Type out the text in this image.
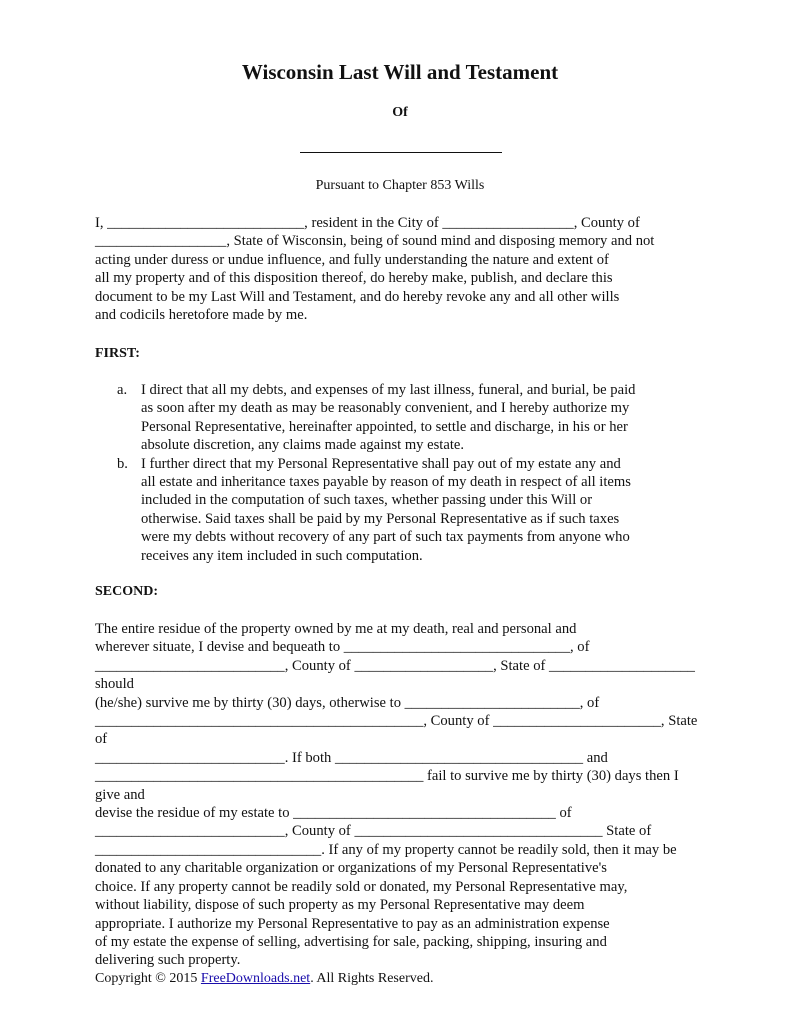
Wisconsin Last Will and Testament
Of
Pursuant to Chapter 853 Wills

I, ___________________________, resident in the City of __________________, County of

__________________, State of Wisconsin, being of sound mind and disposing memory and not

acting under duress or undue influence, and fully understanding the nature and extent of

all my property and of this disposition thereof, do hereby make, publish, and declare this

document to be my Last Will and Testament, and do hereby revoke any and all other wills

and codicils heretofore made by me.

FIRST:
a. I direct that all my debts, and expenses of my last illness, funeral, and burial, be paid

as soon after my death as may be reasonably convenient, and I hereby authorize my

Personal Representative, hereinafter appointed, to settle and discharge, in his or her

absolute discretion, any claims made against my estate.

b. I further direct that my Personal Representative shall pay out of my estate any and

all estate and inheritance taxes payable by reason of my death in respect of all items

included in the computation of such taxes, whether passing under this Will or

otherwise. Said taxes shall be paid by my Personal Representative as if such taxes

were my debts without recovery of any part of such tax payments from anyone who

receives any item included in such computation.

SECOND:

The entire residue of the property owned by me at my death, real and personal and

wherever situate, I devise and bequeath to _______________________________, of

__________________________, County of ___________________, State of ____________________ should

(he/she) survive me by thirty (30) days, otherwise to ________________________, of

_____________________________________________, County of _______________________, State of

__________________________. If both __________________________________ and

_____________________________________________ fail to survive me by thirty (30) days then I give and

devise the residue of my estate to ____________________________________ of

__________________________, County of __________________________________ State of

_______________________________. If any of my property cannot be readily sold, then it may be

donated to any charitable organization or organizations of my Personal Representative's

choice. If any property cannot be readily sold or donated, my Personal Representative may,

without liability, dispose of such property as my Personal Representative may deem

appropriate. I authorize my Personal Representative to pay as an administration expense

of my estate the expense of selling, advertising for sale, packing, shipping, insuring and

delivering such property.

Copyright © 2015 FreeDownloads.net. All Rights Reserved.
